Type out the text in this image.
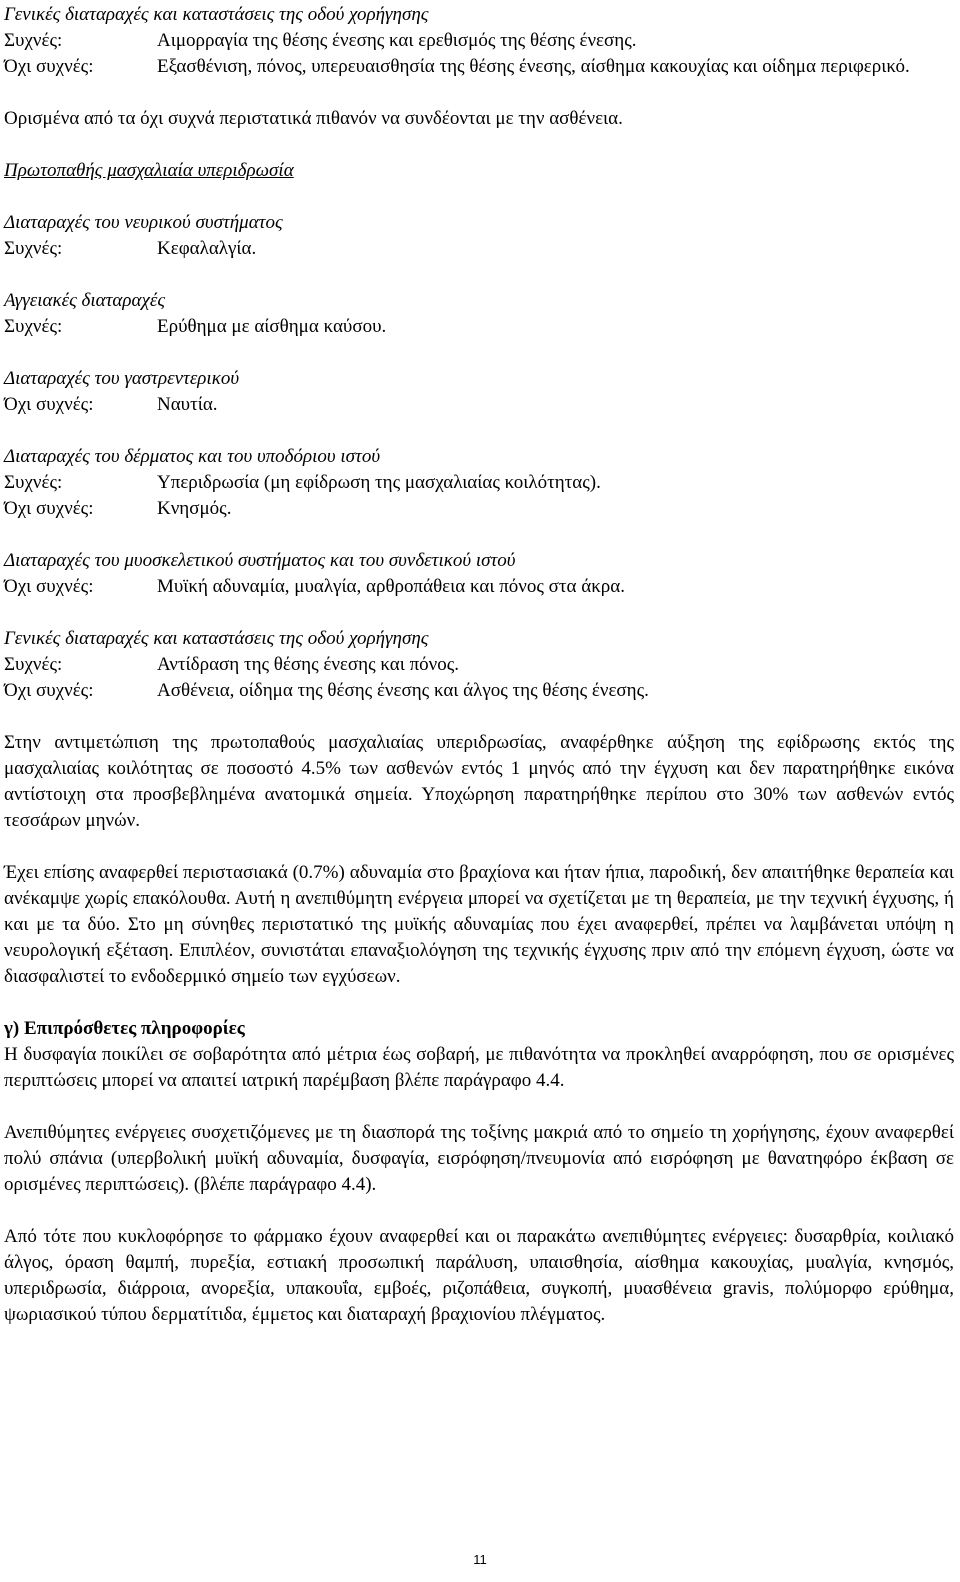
Γενικές διαταραχές και καταστάσεις της οδού χορήγησης
Συχνές:	Αιμορραγία της θέσης ένεσης και ερεθισμός της θέσης ένεσης.
Όχι συχνές:	Εξασθένιση, πόνος, υπερευαισθησία της θέσης ένεσης, αίσθημα κακουχίας και οίδημα περιφερικό.
Ορισμένα από τα όχι συχνά περιστατικά πιθανόν να συνδέονται με την ασθένεια.
Πρωτοπαθής μασχαλιαία υπεριδρωσία
Διαταραχές του νευρικού συστήματος
Συχνές:	Κεφαλαλγία.
Αγγειακές διαταραχές
Συχνές:	Ερύθημα με αίσθημα καύσου.
Διαταραχές του γαστρεντερικού
Όχι συχνές:	Ναυτία.
Διαταραχές του δέρματος και του υποδόριου ιστού
Συχνές:	Υπεριδρωσία (μη εφίδρωση της μασχαλιαίας κοιλότητας).
Όχι συχνές:	Κνησμός.
Διαταραχές του μυοσκελετικού συστήματος και του συνδετικού ιστού
Όχι συχνές:	Μυϊκή αδυναμία, μυαλγία, αρθροπάθεια και πόνος στα άκρα.
Γενικές διαταραχές και καταστάσεις της οδού χορήγησης
Συχνές:	Αντίδραση της θέσης ένεσης και πόνος.
Όχι συχνές:	Ασθένεια, οίδημα της θέσης ένεσης και άλγος της θέσης ένεσης.
Στην αντιμετώπιση της πρωτοπαθούς μασχαλιαίας υπεριδρωσίας, αναφέρθηκε αύξηση της εφίδρωσης εκτός της μασχαλιαίας κοιλότητας σε ποσοστό 4.5% των ασθενών εντός 1 μηνός από την έγχυση και δεν παρατηρήθηκε εικόνα αντίστοιχη στα προσβεβλημένα ανατομικά σημεία. Υποχώρηση παρατηρήθηκε περίπου στο 30% των ασθενών εντός τεσσάρων μηνών.
Έχει επίσης αναφερθεί περιστασιακά (0.7%) αδυναμία στο βραχίονα και ήταν ήπια, παροδική, δεν απαιτήθηκε θεραπεία και ανέκαμψε χωρίς επακόλουθα. Αυτή η ανεπιθύμητη ενέργεια μπορεί να σχετίζεται με τη θεραπεία, με την τεχνική έγχυσης, ή και με τα δύο. Στο μη σύνηθες περιστατικό της μυϊκής αδυναμίας που έχει αναφερθεί, πρέπει να λαμβάνεται υπόψη η νευρολογική εξέταση. Επιπλέον, συνιστάται επαναξιολόγηση της τεχνικής έγχυσης πριν από την επόμενη έγχυση, ώστε να διασφαλιστεί το ενδοδερμικό σημείο των εγχύσεων.
γ) Επιπρόσθετες πληροφορίες
Η δυσφαγία ποικίλει σε σοβαρότητα από μέτρια έως σοβαρή, με πιθανότητα να προκληθεί αναρρόφηση, που σε ορισμένες περιπτώσεις μπορεί να απαιτεί ιατρική παρέμβαση βλέπε παράγραφο 4.4.
Ανεπιθύμητες ενέργειες συσχετιζόμενες με τη διασπορά της τοξίνης μακριά από το σημείο τη χορήγησης, έχουν αναφερθεί πολύ σπάνια (υπερβολική μυϊκή αδυναμία, δυσφαγία, εισρόφηση/πνευμονία από εισρόφηση με θανατηφόρο έκβαση σε ορισμένες περιπτώσεις). (βλέπε παράγραφο 4.4).
Από τότε που κυκλοφόρησε το φάρμακο έχουν αναφερθεί και οι παρακάτω ανεπιθύμητες ενέργειες: δυσαρθρία, κοιλιακό άλγος, όραση θαμπή, πυρεξία, εστιακή προσωπική παράλυση, υπαισθησία, αίσθημα κακουχίας, μυαλγία, κνησμός, υπεριδρωσία, διάρροια, ανορεξία, υπακουΐα, εμβοές, ριζοπάθεια, συγκοπή, μυασθένεια gravis, πολύμορφο ερύθημα, ψωριασικού τύπου δερματίτιδα, έμμετος και διαταραχή βραχιονίου πλέγματος.
11
